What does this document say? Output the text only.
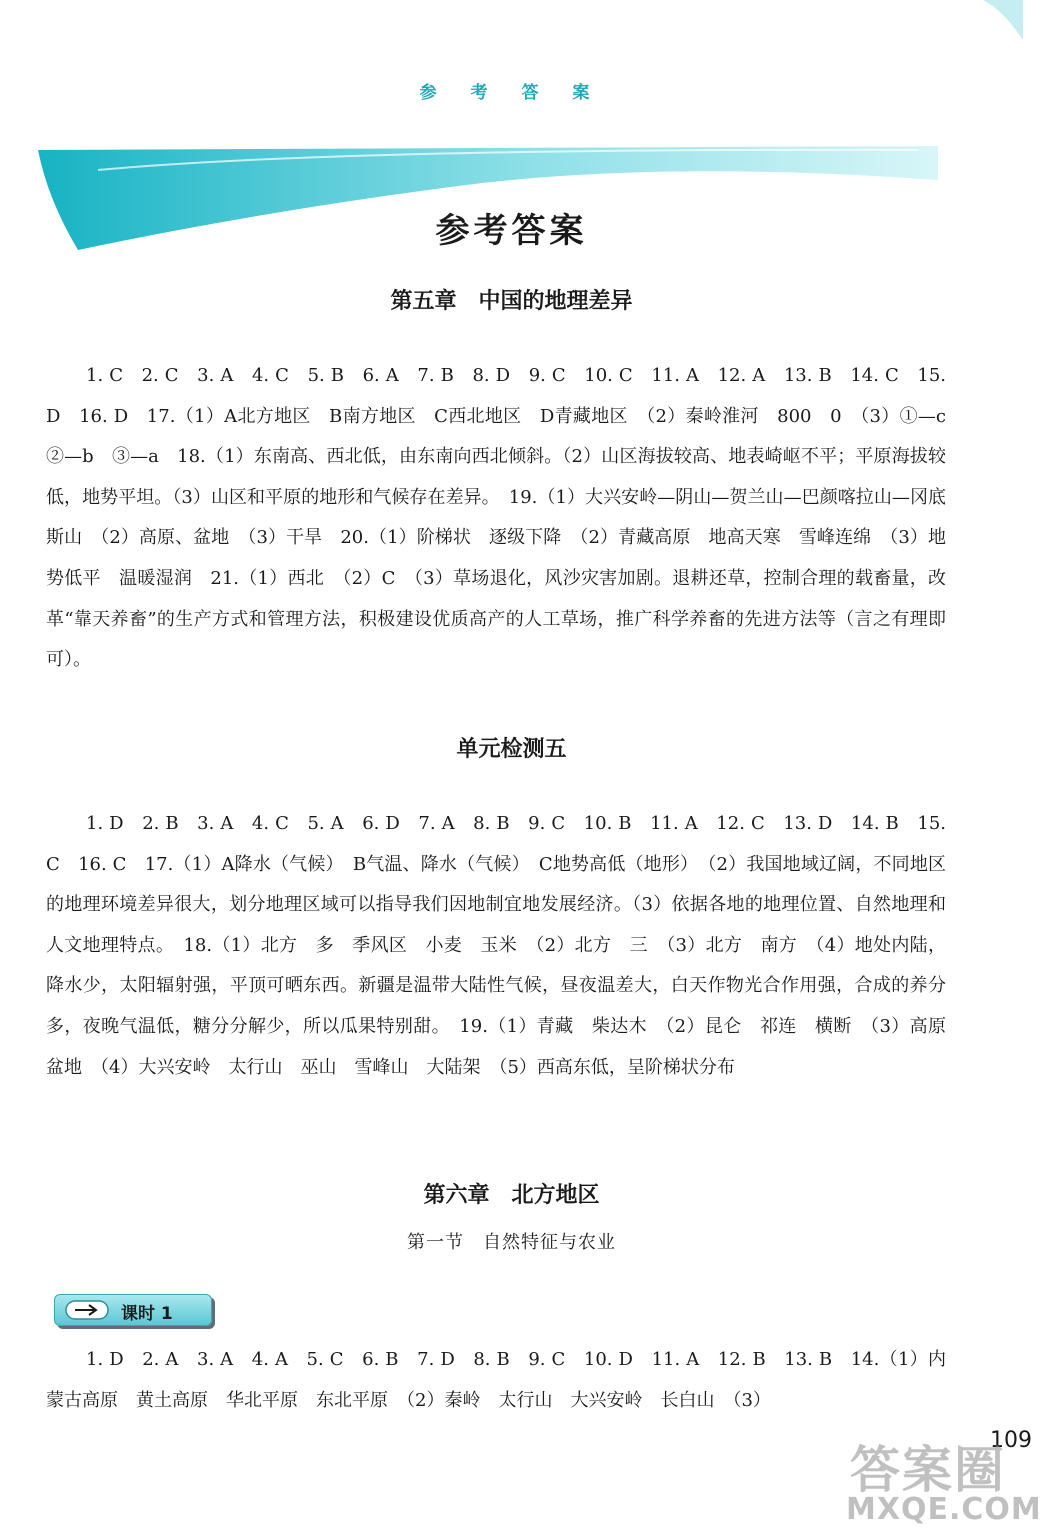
参 考 答 案
参考答案
第五章　中国的地理差异

1. C　2. C　3. A　4. C　5. B　6. A　7. B　8. D　9. C　10. C　11. A　12. A　13. B　14. C　15. D　16. D　17.（1）A北方地区　B南方地区　C西北地区　D青藏地区　（2）秦岭淮河　800　0　（3）①—c　②—b　③—a　18.（1）东南高、西北低，由东南向西北倾斜。（2）山区海拔较高、地表崎岖不平；平原海拔较低，地势平坦。（3）山区和平原的地形和气候存在差异。　19.（1）大兴安岭—阴山—贺兰山—巴颜喀拉山—冈底斯山　（2）高原、盆地　（3）干旱　20.（1）阶梯状　逐级下降　（2）青藏高原　地高天寒　雪峰连绵　（3）地势低平　温暖湿润　21.（1）西北　（2）C　（3）草场退化，风沙灾害加剧。退耕还草，控制合理的载畜量，改革“靠天养畜”的生产方式和管理方法，积极建设优质高产的人工草场，推广科学养畜的先进方法等（言之有理即可）。

单元检测五

1. D　2. B　3. A　4. C　5. A　6. D　7. A　8. B　9. C　10. B　11. A　12. C　13. D　14. B　15. C　16. C　17.（1）A降水（气候）　B气温、降水（气候）　C地势高低（地形）　（2）我国地域辽阔，不同地区的地理环境差异很大，划分地理区域可以指导我们因地制宜地发展经济。（3）依据各地的地理位置、自然地理和人文地理特点。　18.（1）北方　多　季风区　小麦　玉米　（2）北方　三　（3）北方　南方　（4）地处内陆，降水少，太阳辐射强，平顶可晒东西。新疆是温带大陆性气候，昼夜温差大，白天作物光合作用强，合成的养分多，夜晚气温低，糖分分解少，所以瓜果特别甜。　19.（1）青藏　柴达木　（2）昆仑　祁连　横断　（3）高原　盆地　（4）大兴安岭　太行山　巫山　雪峰山　大陆架　（5）西高东低，呈阶梯状分布

第六章　北方地区
第一节　自然特征与农业
课时 1

1. D　2. A　3. A　4. A　5. C　6. B　7. D　8. B　9. C　10. D　11. A　12. B　13. B　14.（1）内蒙古高原　黄土高原　华北平原　东北平原　（2）秦岭　太行山　大兴安岭　长白山　（3）

109
答案圈
MXQE.COM
